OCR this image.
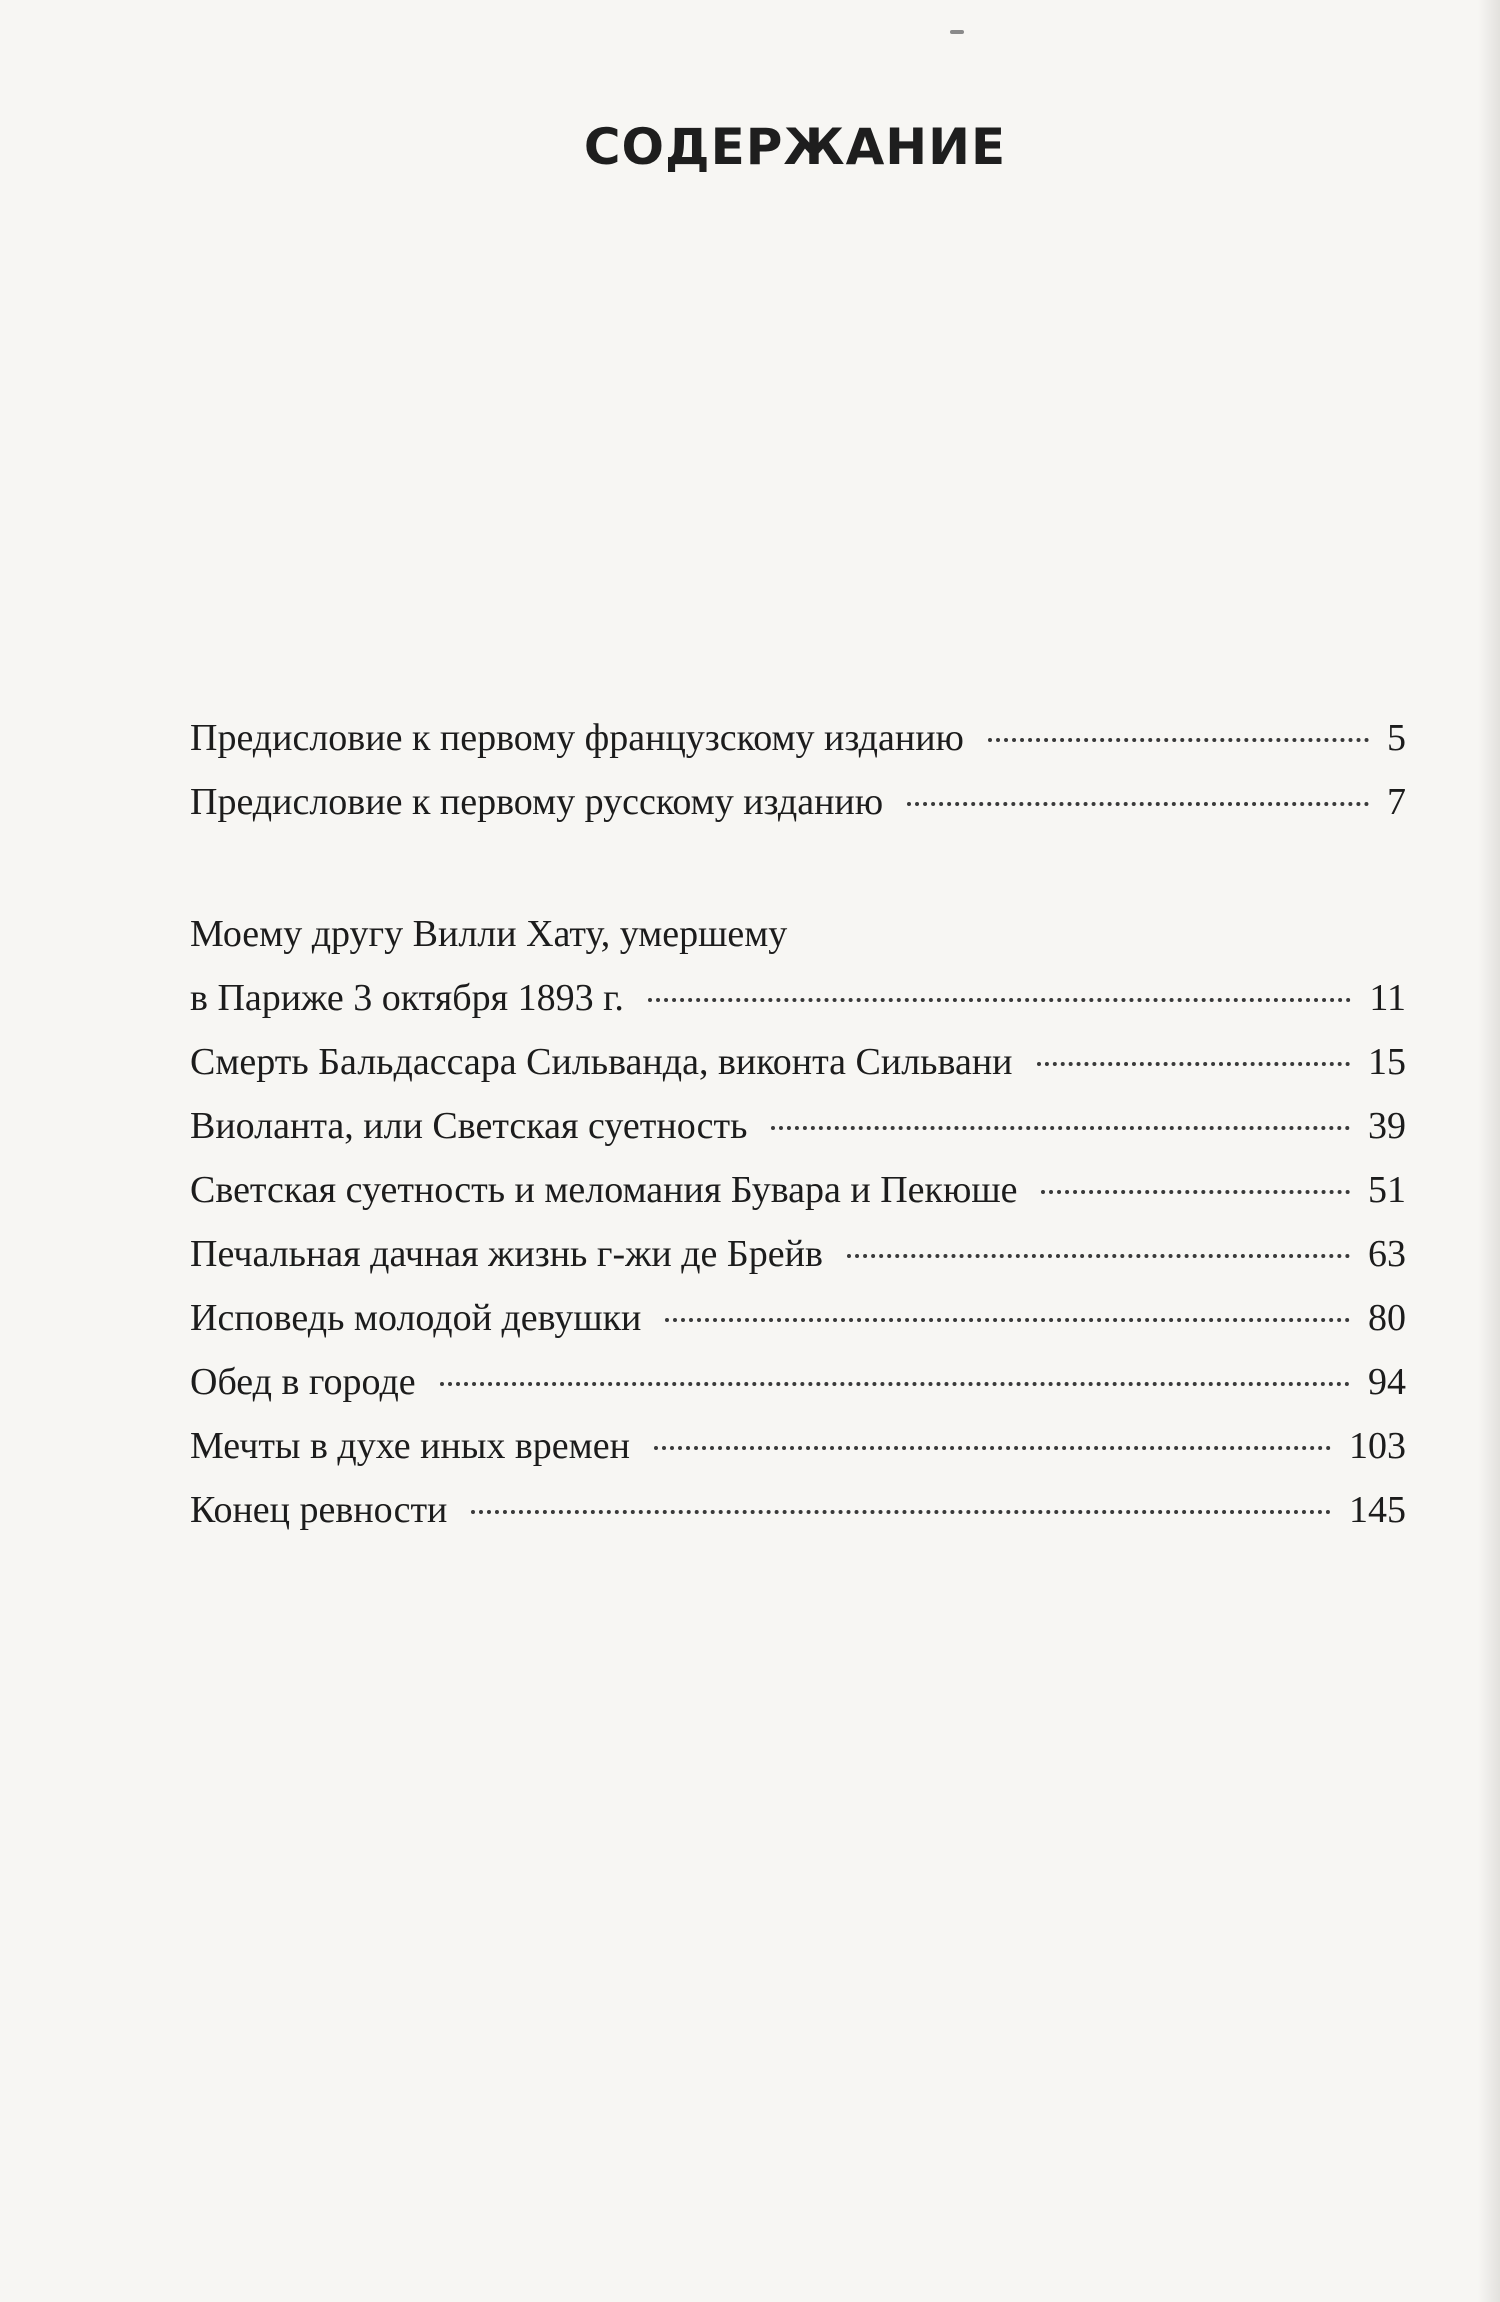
СОДЕРЖАНИЕ
Предисловие к первому французскому изданию	5
Предисловие к первому русскому изданию	7
Моему другу Вилли Хату, умершему
в Париже 3 октября 1893 г.	11
Смерть Бальдассара Сильванда, виконта Сильвани	15
Виоланта, или Светская суетность	39
Светская суетность и меломания Бувара и Пекюше	51
Печальная дачная жизнь г-жи де Брейв	63
Исповедь молодой девушки	80
Обед в городе	94
Мечты в духе иных времен	103
Конец ревности	145
